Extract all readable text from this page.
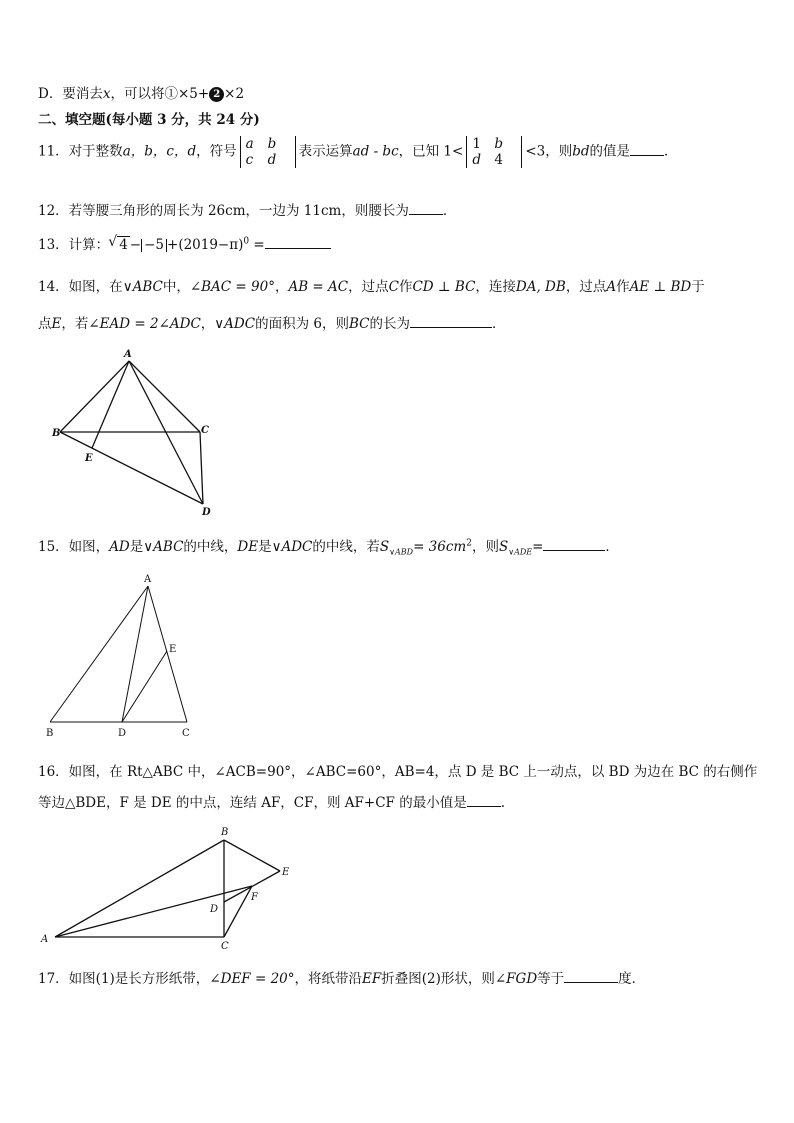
D．要消去x，可以将①×5+ 2 ×2
二、填空题(每小题 3 分，共 24 分)
11．对于整数a，b，c，d，符号 a b
c d
表示运算ad - bc，已知 1< 1 b
d 4
<3，则bd的值是	．
12．若等腰三角形的周长为 26cm，一边为 11cm，则腰长为	．
13．计算：√ $4 - -5 +(2019-\pi)^0$ =
14．如图，在∨ABC中，∠BAC = 90°，AB = AC，过点C作CD ⊥ BC，连接DA, DB，过点A作AE ⊥ BD于
点E，若∠EAD = 2∠ADC，∨ADC的面积为 6，则BC的长为	．
A
B	C
D
E
15．如图，AD是∨ABC的中线，DE是∨ADC的中线，若$S_{\vee ABD}= 36cm^2$，则$S_{\vee ADE}=$	．
A
B	C
D
E
16．如图，在 Rt△ABC 中，∠ACB=90°，∠ABC=60°，AB=4，点 D 是 BC 上一动点，以 BD 为边在 BC 的右侧作
等边△BDE，F 是 DE 的中点，连结 AF，CF，则 AF+CF 的最小值是	.
A
B
C
D
E
F
17．如图(1)是长方形纸带，∠DEF = 20°，将纸带沿EF折叠图(2)形状，则∠FGD等于	度．
